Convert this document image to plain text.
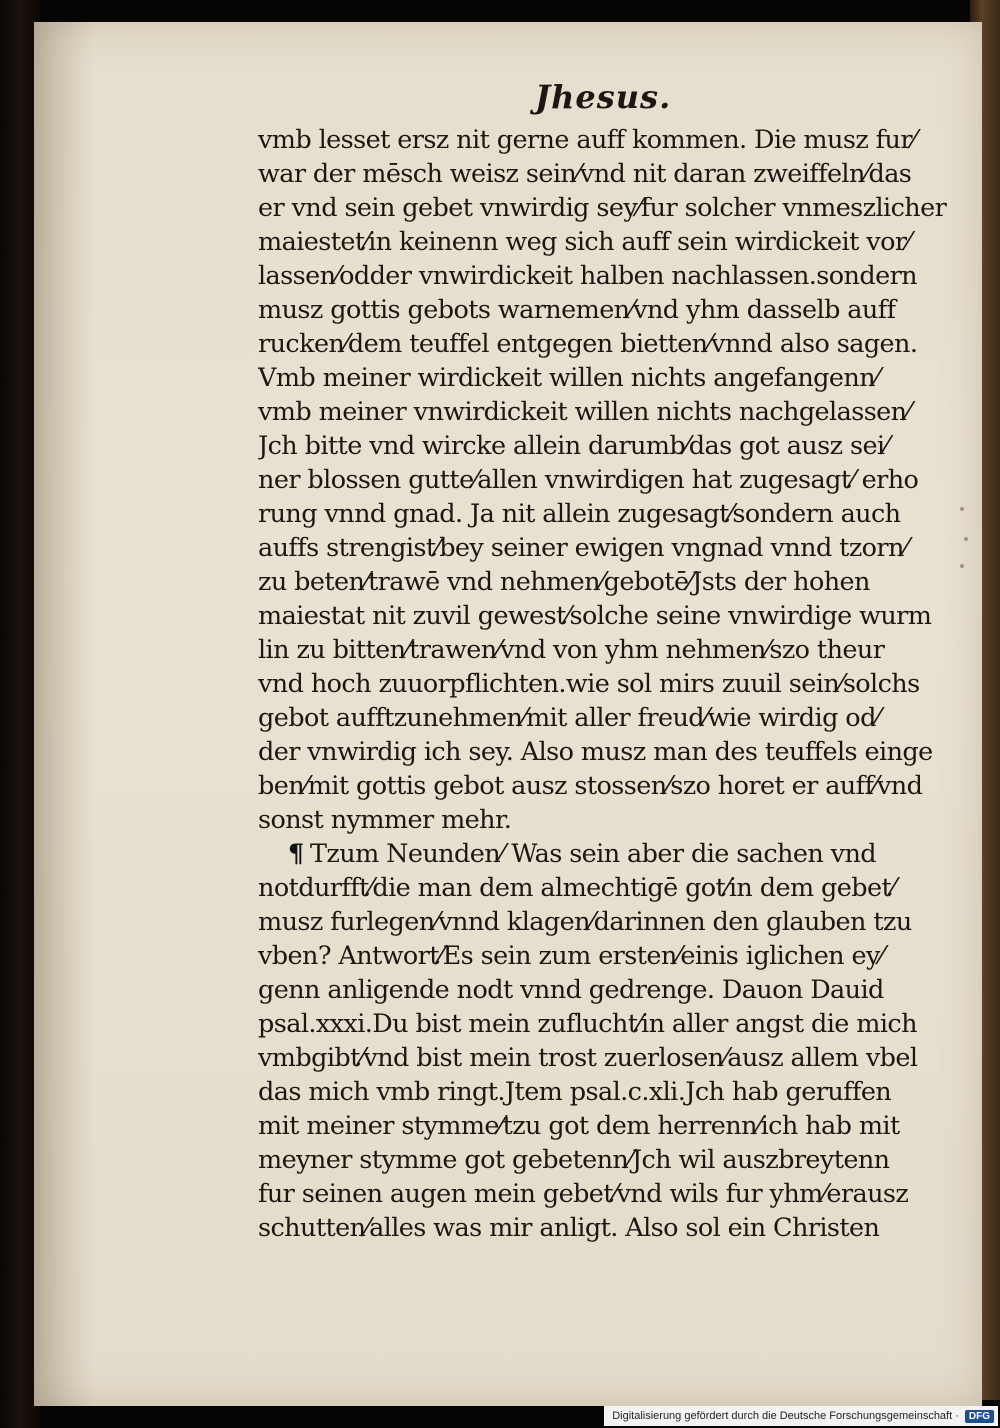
Jhesus.
vmb lesset ersz nit gerne auff kommen. Die musz fur⁄
war der mēsch weisz sein⁄vnd nit daran zweiffeln⁄das
er vnd sein gebet vnwirdig sey⁄fur solcher vnmeszlicher
maiestet⁄in keinenn weg sich auff sein wirdickeit vor⁄
lassen⁄odder vnwirdickeit halben nachlassen.sondern
musz gottis gebots warnemen⁄vnd yhm dasselb auff
rucken⁄dem teuffel entgegen bietten⁄vnnd also sagen.
Vmb meiner wirdickeit willen nichts angefangenn⁄
vmb meiner vnwirdickeit willen nichts nachgelassen⁄
Jch bitte vnd wircke allein darumb⁄das got ausz sei⁄
ner blossen gutte⁄allen vnwirdigen hat zugesagt⁄ erho
rung vnnd gnad. Ja nit allein zugesagt⁄sondern auch
auffs strengist⁄bey seiner ewigen vngnad vnnd tzorn⁄
zu beten⁄trawē vnd nehmen⁄gebotē⁄Jsts der hohen
maiestat nit zuvil gewest⁄solche seine vnwirdige wurm
lin zu bitten⁄trawen⁄vnd von yhm nehmen⁄szo theur
vnd hoch zuuorpflichten.wie sol mirs zuuil sein⁄solchs
gebot aufftzunehmen⁄mit aller freud⁄wie wirdig od⁄
der vnwirdig ich sey. Also musz man des teuffels einge
ben⁄mit gottis gebot ausz stossen⁄szo horet er auff⁄vnd
sonst nymmer mehr.
¶ Tzum Neunden⁄ Was sein aber die sachen vnd
notdurfft⁄die man dem almechtigē got⁄in dem gebet⁄
musz furlegen⁄vnnd klagen⁄darinnen den glauben tzu
vben? Antwort⁄Es sein zum ersten⁄einis iglichen ey⁄
genn anligende nodt vnnd gedrenge. Dauon Dauid
psal.xxxi.Du bist mein zuflucht⁄in aller angst die mich
vmbgibt⁄vnd bist mein trost zuerlosen⁄ausz allem vbel
das mich vmb ringt.Jtem psal.c.xli.Jch hab geruffen
mit meiner stymme⁄tzu got dem herrenn⁄ich hab mit
meyner stymme got gebetenn⁄Jch wil auszbreytenn
fur seinen augen mein gebet⁄vnd wils fur yhm⁄erausz
schutten⁄alles was mir anligt. Also sol ein Christen
Digitalisierung gefördert durch die Deutsche Forschungsgemeinschaft ·	DFG
